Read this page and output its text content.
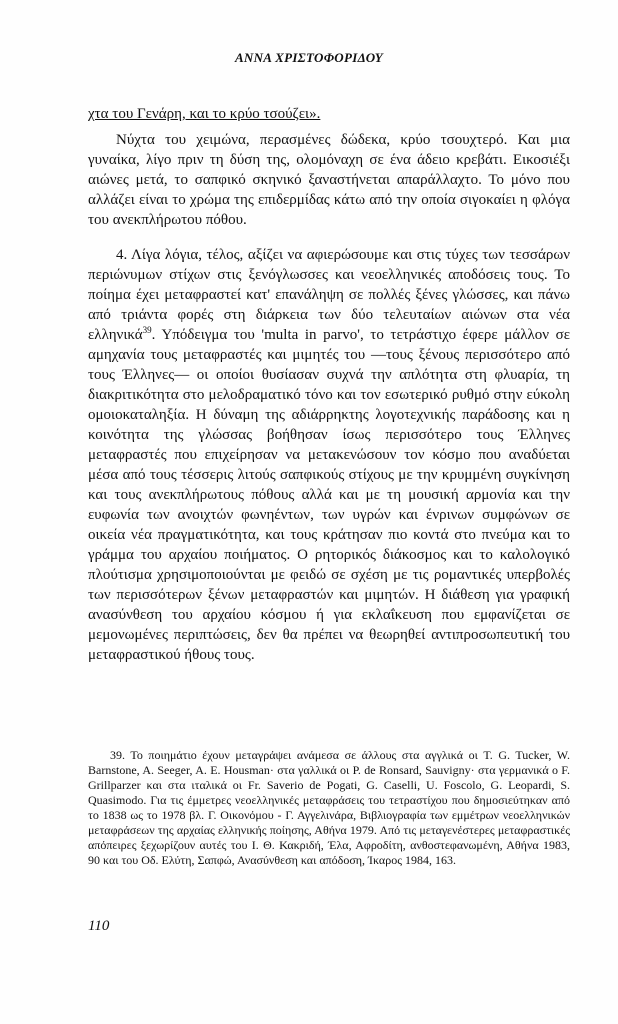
ΑΝΝΑ ΧΡΙΣΤΟΦΟΡΙΔΟΥ

χτα του Γενάρη, και το κρύο τσούζει».

Νύχτα του χειμώνα, περασμένες δώδεκα, κρύο τσουχτερό. Και μια γυναίκα, λίγο πριν τη δύση της, ολομόναχη σε ένα άδειο κρεβάτι. Εικοσιέξι αιώνες μετά, το σαπφικό σκηνικό ξαναστήνεται απαράλλαχτο. Το μόνο που αλλάζει είναι το χρώμα της επιδερμίδας κάτω από την οποία σιγοκαίει η φλόγα του ανεκπλήρωτου πόθου.

4. Λίγα λόγια, τέλος, αξίζει να αφιερώσουμε και στις τύχες των τεσσάρων περιώνυμων στίχων στις ξενόγλωσσες και νεοελληνικές αποδόσεις τους. Το ποίημα έχει μεταφραστεί κατ' επανάληψη σε πολλές ξένες γλώσσες, και πάνω από τριάντα φορές στη διάρκεια των δύο τελευταίων αιώνων στα νέα ελληνικά$^{39}$. Υπόδειγμα του 'multa in parvo', το τετράστιχο έφερε μάλλον σε αμηχανία τους μεταφραστές και μιμητές του —τους ξένους περισσότερο από τους Έλληνες— οι οποίοι θυσίασαν συχνά την απλότητα στη φλυαρία, τη διακριτικότητα στο μελοδραματικό τόνο και τον εσωτερικό ρυθμό στην εύκολη ομοιοκαταληξία. Η δύναμη της αδιάρρηκτης λογοτεχνικής παράδοσης και η κοινότητα της γλώσσας βοήθησαν ίσως περισσότερο τους Έλληνες μεταφραστές που επιχείρησαν να μετακενώσουν τον κόσμο που αναδύεται μέσα από τους τέσσερις λιτούς σαπφικούς στίχους με την κρυμμένη συγκίνηση και τους ανεκπλήρωτους πόθους αλλά και με τη μουσική αρμονία και την ευφωνία των ανοιχτών φωνηέντων, των υγρών και ένρινων συμφώνων σε οικεία νέα πραγματικότητα, και τους κράτησαν πιο κοντά στο πνεύμα και το γράμμα του αρχαίου ποιήματος. Ο ρητορικός διάκοσμος και το καλολογικό πλούτισμα χρησιμοποιούνται με φειδώ σε σχέση με τις ρομαντικές υπερβολές των περισσότερων ξένων μεταφραστών και μιμητών. Η διάθεση για γραφική ανασύνθεση του αρχαίου κόσμου ή για εκλαΐκευση που εμφανίζεται σε μεμονωμένες περιπτώσεις, δεν θα πρέπει να θεωρηθεί αντιπροσωπευτική του μεταφραστικού ήθους τους.

39. Το ποιημάτιο έχουν μεταγράψει ανάμεσα σε άλλους στα αγγλικά οι T. G. Tucker, W. Barnstone, A. Seeger, A. E. Housman· στα γαλλικά οι P. de Ronsard, Sauvigny· στα γερμανικά ο F. Grillparzer και στα ιταλικά οι Fr. Saverio de Pogati, G. Caselli, U. Foscolo, G. Leopardi, S. Quasimodo. Για τις έμμετρες νεοελληνικές μεταφράσεις του τετραστίχου που δημοσιεύτηκαν από το 1838 ως το 1978 βλ. Γ. Οικονόμου - Γ. Αγγελινάρα, Βιβλιογραφία των εμμέτρων νεοελληνικών μεταφράσεων της αρχαίας ελληνικής ποίησης, Αθήνα 1979. Από τις μεταγενέστερες μεταφραστικές απόπειρες ξεχωρίζουν αυτές του Ι. Θ. Κακριδή, Έλα, Αφροδίτη, ανθοστεφανωμένη, Αθήνα 1983, 90 και του Οδ. Ελύτη, Σαπφώ, Ανασύνθεση και απόδοση, Ίκαρος 1984, 163.

110
